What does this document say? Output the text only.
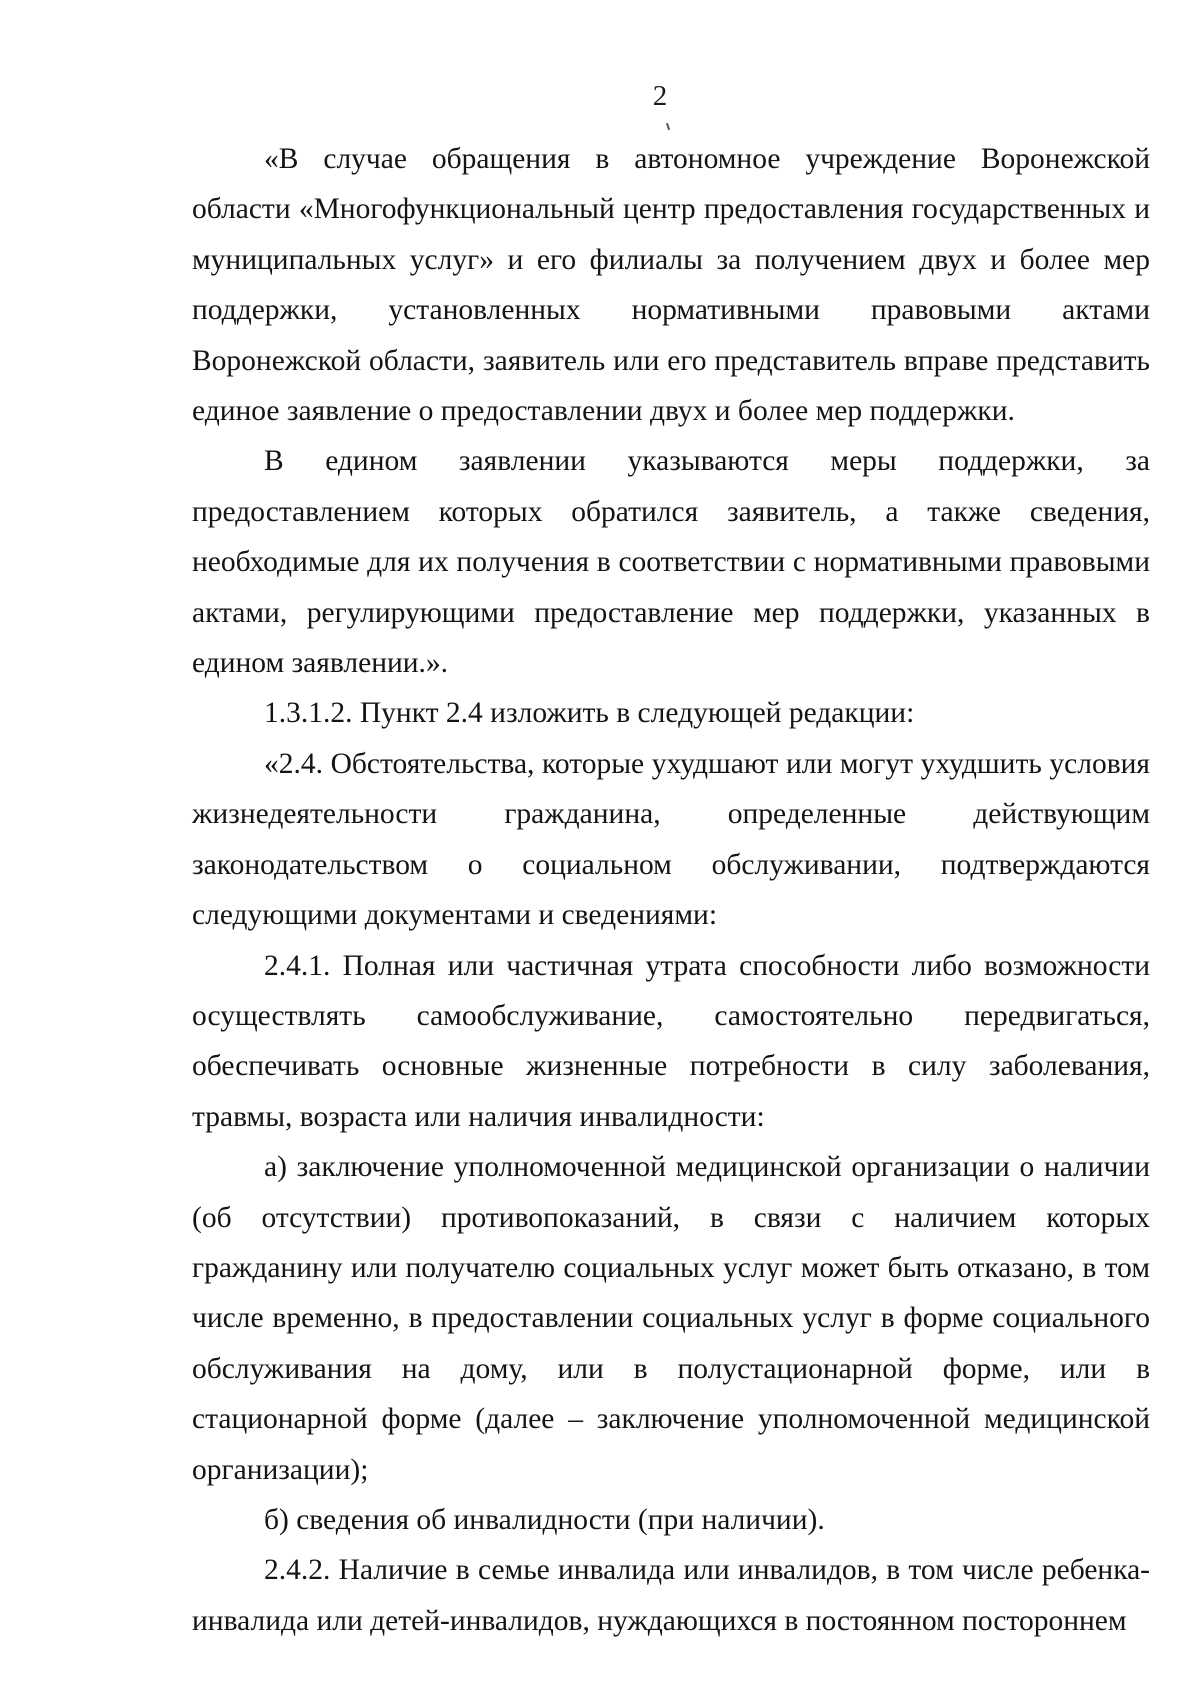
2

«В случае обращения в автономное учреждение Воронежской области «Многофункциональный центр предоставления государственных и муниципальных услуг» и его филиалы за получением двух и более мер поддержки, установленных нормативными правовыми актами Воронежской области, заявитель или его представитель вправе представить единое заявление о предоставлении двух и более мер поддержки.

В едином заявлении указываются меры поддержки, за предоставлением которых обратился заявитель, а также сведения, необходимые для их получения в соответствии с нормативными правовыми актами, регулирующими предоставление мер поддержки, указанных в едином заявлении.».

1.3.1.2. Пункт 2.4 изложить в следующей редакции:

«2.4. Обстоятельства, которые ухудшают или могут ухудшить условия жизнедеятельности гражданина, определенные действующим законодательством о социальном обслуживании, подтверждаются следующими документами и сведениями:

2.4.1. Полная или частичная утрата способности либо возможности осуществлять самообслуживание, самостоятельно передвигаться, обеспечивать основные жизненные потребности в силу заболевания, травмы, возраста или наличия инвалидности:

а) заключение уполномоченной медицинской организации о наличии (об отсутствии) противопоказаний, в связи с наличием которых гражданину или получателю социальных услуг может быть отказано, в том числе временно, в предоставлении социальных услуг в форме социального обслуживания на дому, или в полустационарной форме, или в стационарной форме (далее – заключение уполномоченной медицинской организации);

б) сведения об инвалидности (при наличии).

2.4.2. Наличие в семье инвалида или инвалидов, в том числе ребенка-инвалида или детей-инвалидов, нуждающихся в постоянном постороннем
